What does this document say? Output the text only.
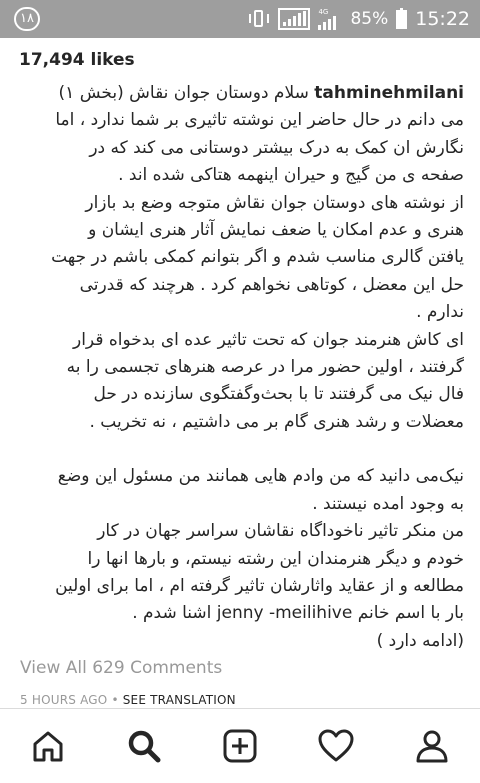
١٨	4G 85% 15:22
17,494 likes

tahminehmilani سلام دوستان جوان نقاش (بخش ١)

می دانم در حال حاضر این نوشته تاثیری بر شما ندارد ، اما

نگارش ان کمک به درک بیشتر دوستانی می کند که در

صفحه ی من گیج و حیران اینهمه هتاکی شده اند .

از نوشته های دوستان جوان نقاش متوجه وضع بد بازار

هنری و عدم امکان یا ضعف نمایش آثار هنری ایشان و

یافتن گالری مناسب شدم و اگر بتوانم کمکی باشم در جهت

حل این معضل ، کوتاهی نخواهم کرد . هرچند که قدرتی

ندارم .

ای کاش هنرمند جوان که تحت تاثیر عده ای بدخواه قرار

گرفتند ، اولین حضور مرا در عرصه هنرهای تجسمی را به

فال نیک می گرفتند تا با بحث‌وگفتگوی سازنده در حل

معضلات و رشد هنری گام بر می داشتیم ، نه تخریب .

نیک‌می دانید که من وادم هایی همانند من مسئول این وضع

به وجود امده نیستند .

من منکر تاثیر ناخوداگاه نقاشان سراسر جهان در کار

خودم و دیگر هنرمندان این رشته نیستم، و بارها انها را

مطالعه و از عقاید واثارشان تاثیر گرفته ام ، اما برای اولین

بار با اسم خانم jenny -meilihive اشنا شدم .

(ادامه دارد )

View All 629 Comments
5 HOURS AGO • SEE TRANSLATION
